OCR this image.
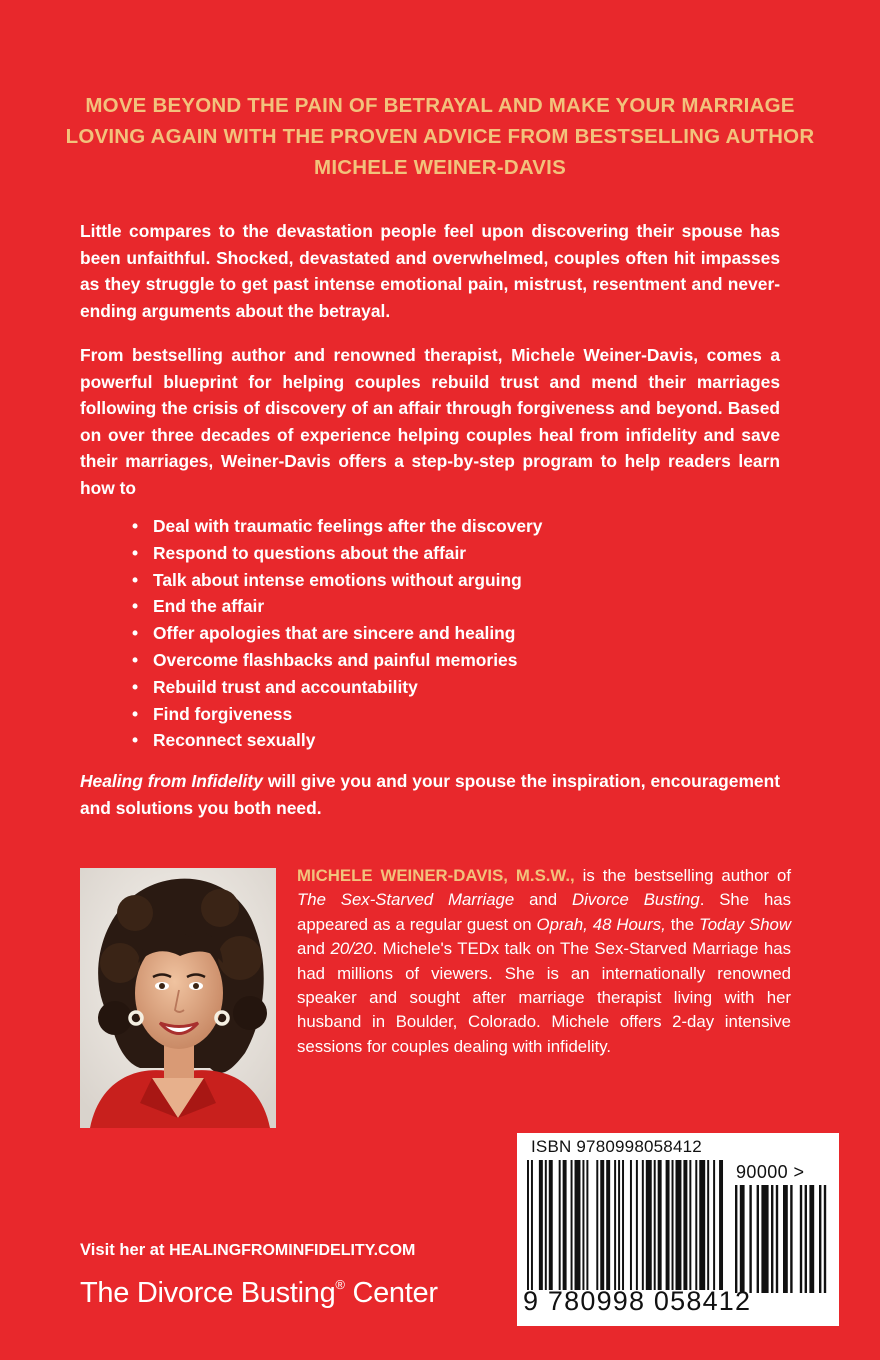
MOVE BEYOND THE PAIN OF BETRAYAL AND MAKE YOUR MARRIAGE LOVING AGAIN WITH THE PROVEN ADVICE FROM BESTSELLING AUTHOR MICHELE WEINER-DAVIS

Little compares to the devastation people feel upon discovering their spouse has been unfaithful. Shocked, devastated and overwhelmed, couples often hit impasses as they struggle to get past intense emotional pain, mistrust, resentment and never-ending arguments about the betrayal.

From bestselling author and renowned therapist, Michele Weiner-Davis, comes a powerful blueprint for helping couples rebuild trust and mend their marriages following the crisis of discovery of an affair through forgiveness and beyond. Based on over three decades of experience helping couples heal from infidelity and save their marriages, Weiner-Davis offers a step-by-step program to help readers learn how to

• Deal with traumatic feelings after the discovery
• Respond to questions about the affair
• Talk about intense emotions without arguing
• End the affair
• Offer apologies that are sincere and healing
• Overcome flashbacks and painful memories
• Rebuild trust and accountability
• Find forgiveness
• Reconnect sexually

Healing from Infidelity will give you and your spouse the inspiration, encouragement and solutions you both need.

MICHELE WEINER-DAVIS, M.S.W., is the bestselling author of The Sex-Starved Marriage and Divorce Busting. She has appeared as a regular guest on Oprah, 48 Hours, the Today Show and 20/20. Michele's TEDx talk on The Sex-Starved Marriage has had millions of viewers. She is an internationally renowned speaker and sought after marriage therapist living with her husband in Boulder, Colorado. Michele offers 2-day intensive sessions for couples dealing with infidelity.

Visit her at HEALINGFROMINFIDELITY.COM

The Divorce Busting® Center

ISBN 9780998058412

90000 >

9 780998 058412
